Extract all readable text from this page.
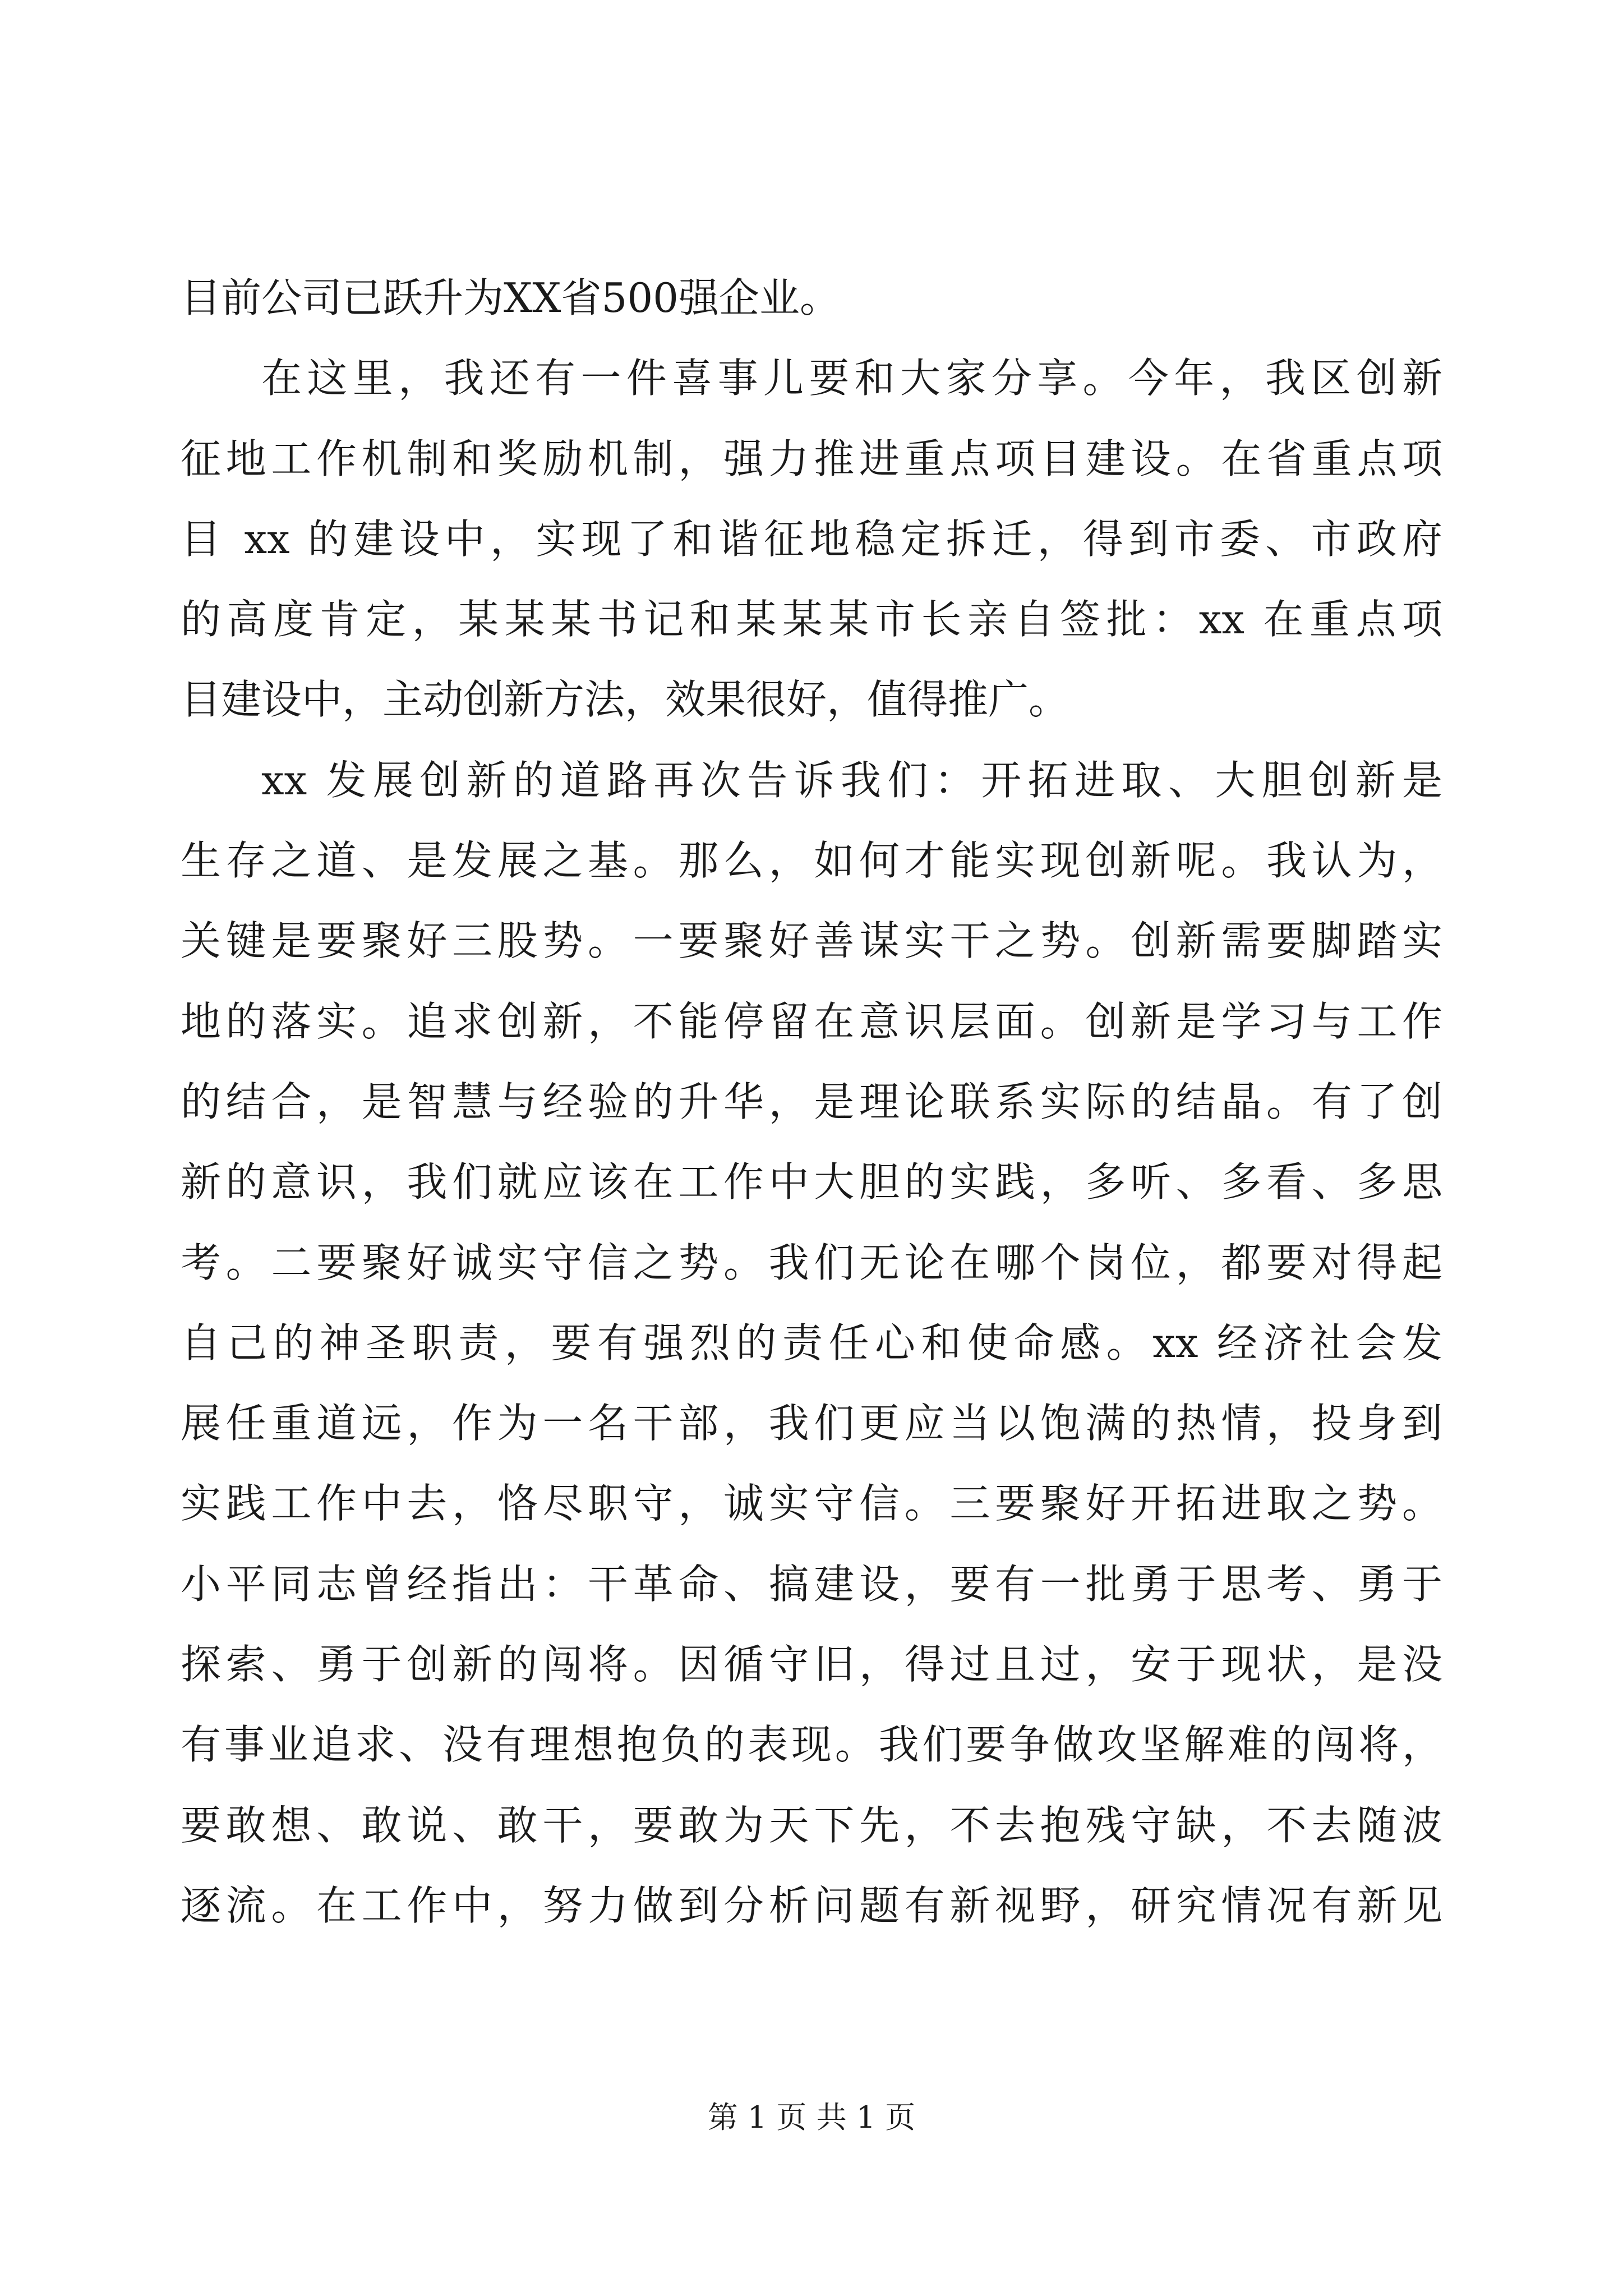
目前公司已跃升为XX省500强企业。
在这里，我还有一件喜事儿要和大家分享。今年，我区创新
征地工作机制和奖励机制，强力推进重点项目建设。在省重点项
目 xx 的建设中，实现了和谐征地稳定拆迁，得到市委、市政府
的高度肯定，某某某书记和某某某市长亲自签批：xx 在重点项
目建设中，主动创新方法，效果很好，值得推广。
xx 发展创新的道路再次告诉我们：开拓进取、大胆创新是
生存之道、是发展之基。那么，如何才能实现创新呢。我认为，
关键是要聚好三股势。一要聚好善谋实干之势。创新需要脚踏实
地的落实。追求创新，不能停留在意识层面。创新是学习与工作
的结合，是智慧与经验的升华，是理论联系实际的结晶。有了创
新的意识，我们就应该在工作中大胆的实践，多听、多看、多思
考。二要聚好诚实守信之势。我们无论在哪个岗位，都要对得起
自己的神圣职责，要有强烈的责任心和使命感。xx 经济社会发
展任重道远，作为一名干部，我们更应当以饱满的热情，投身到
实践工作中去，恪尽职守，诚实守信。三要聚好开拓进取之势。
小平同志曾经指出：干革命、搞建设，要有一批勇于思考、勇于
探索、勇于创新的闯将。因循守旧，得过且过，安于现状，是没
有事业追求、没有理想抱负的表现。我们要争做攻坚解难的闯将，
要敢想、敢说、敢干，要敢为天下先，不去抱残守缺，不去随波
逐流。在工作中，努力做到分析问题有新视野，研究情况有新见
第 1 页 共 1 页
